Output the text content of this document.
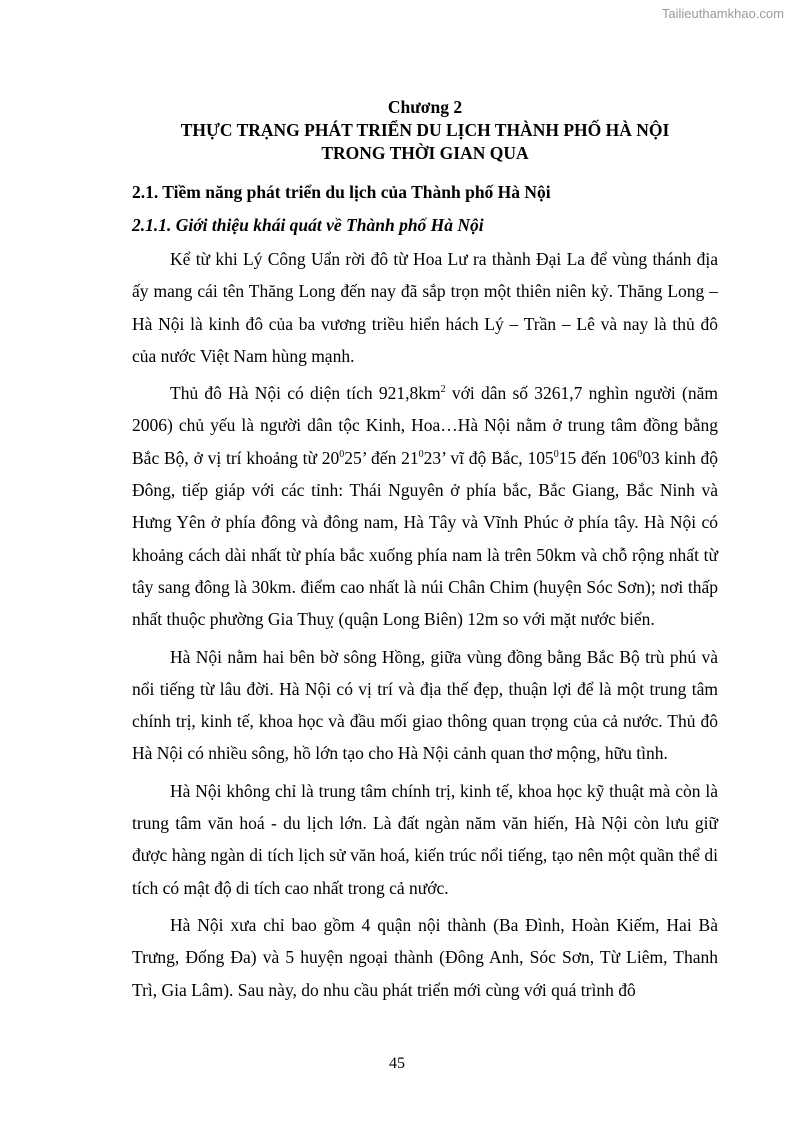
Tailieuthamkhao.com
Chương 2
THỰC TRẠNG PHÁT TRIỂN DU LỊCH THÀNH PHỐ HÀ NỘI
TRONG THỜI GIAN QUA
2.1. Tiềm năng phát triển du lịch của Thành phố Hà Nội
2.1.1. Giới thiệu khái quát về Thành phố Hà Nội

Kể từ khi Lý Công Uẩn rời đô từ Hoa Lư ra thành Đại La để vùng thánh địa ấy mang cái tên Thăng Long đến nay đã sắp trọn một thiên niên kỷ. Thăng Long – Hà Nội là kinh đô của ba vương triều hiển hách Lý – Trần – Lê và nay là thủ đô của nước Việt Nam hùng mạnh.

Thủ đô Hà Nội có diện tích $921,8km^2$ với dân số 3261,7 nghìn người (năm 2006) chủ yếu là người dân tộc Kinh, Hoa…Hà Nội nằm ở trung tâm đồng bằng Bắc Bộ, ở vị trí khoảng từ $20^025$’ đến $21^023$’ vĩ độ Bắc, $105^015$ đến $106^003$ kinh độ Đông, tiếp giáp với các tỉnh: Thái Nguyên ở phía bắc, Bắc Giang, Bắc Ninh và Hưng Yên ở phía đông và đông nam, Hà Tây và Vĩnh Phúc ở phía tây. Hà Nội có khoảng cách dài nhất từ phía bắc xuống phía nam là trên 50km và chỗ rộng nhất từ tây sang đông là 30km. điểm cao nhất là núi Chân Chim (huyện Sóc Sơn); nơi thấp nhất thuộc phường Gia Thuỵ (quận Long Biên) 12m so với mặt nước biển.

Hà Nội nằm hai bên bờ sông Hồng, giữa vùng đồng bằng Bắc Bộ trù phú và nổi tiếng từ lâu đời. Hà Nội có vị trí và địa thế đẹp, thuận lợi để là một trung tâm chính trị, kinh tế, khoa học và đầu mối giao thông quan trọng của cả nước. Thủ đô Hà Nội có nhiều sông, hồ lớn tạo cho Hà Nội cảnh quan thơ mộng, hữu tình.

Hà Nội không chỉ là trung tâm chính trị, kinh tế, khoa học kỹ thuật mà còn là trung tâm văn hoá - du lịch lớn. Là đất ngàn năm văn hiến, Hà Nội còn lưu giữ được hàng ngàn di tích lịch sử văn hoá, kiến trúc nổi tiếng, tạo nên một quần thể di tích có mật độ di tích cao nhất trong cả nước.

Hà Nội xưa chỉ bao gồm 4 quận nội thành (Ba Đình, Hoàn Kiếm, Hai Bà Trưng, Đống Đa) và 5 huyện ngoại thành (Đông Anh, Sóc Sơn, Từ Liêm, Thanh Trì, Gia Lâm). Sau này, do nhu cầu phát triển mới cùng với quá trình đô

45
